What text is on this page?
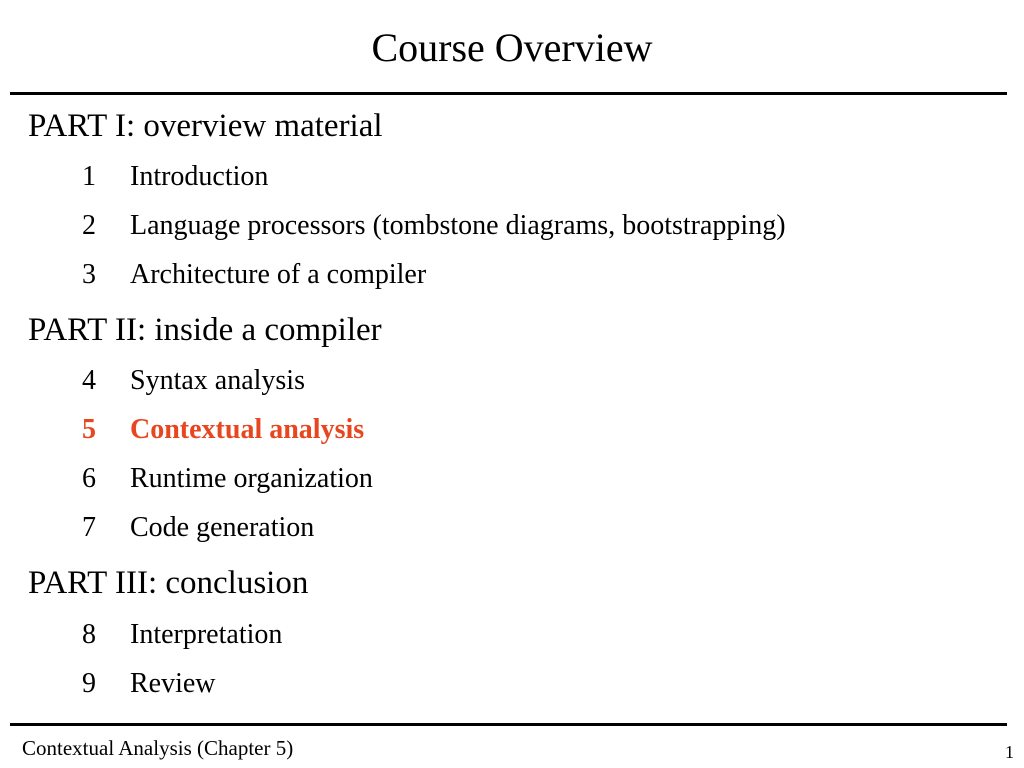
Course Overview
PART I: overview material
1 Introduction
2 Language processors (tombstone diagrams, bootstrapping)
3 Architecture of a compiler
PART II: inside a compiler
4 Syntax analysis
5 Contextual analysis
6 Runtime organization
7 Code generation
PART III: conclusion
8 Interpretation
9 Review
Contextual Analysis (Chapter 5)	1
